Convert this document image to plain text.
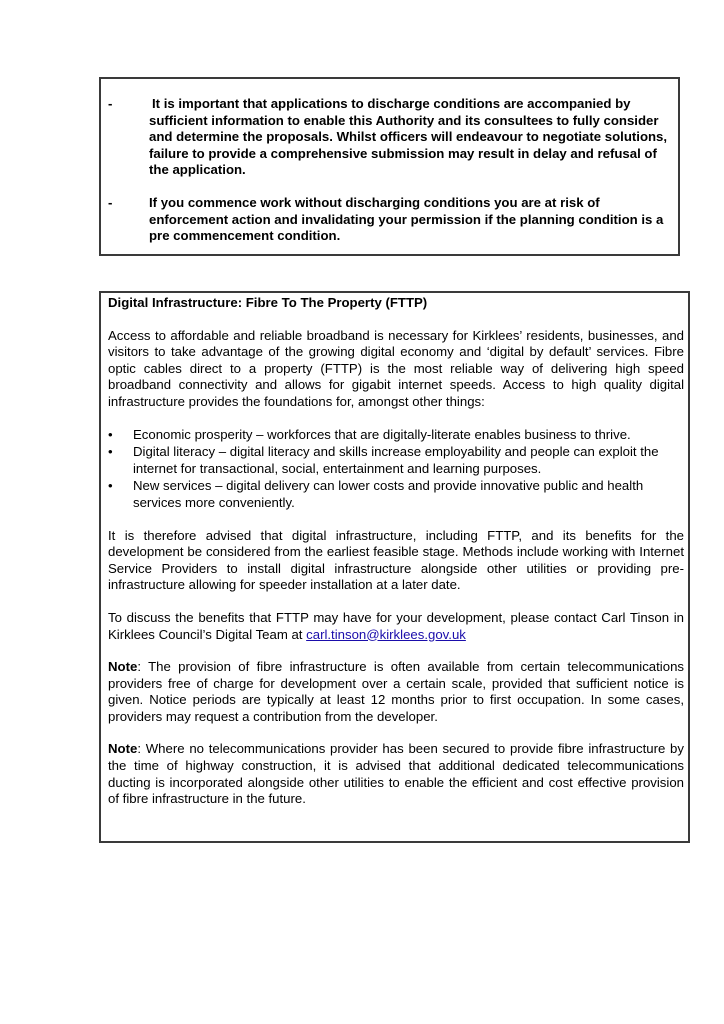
-	It is important that applications to discharge conditions are accompanied by sufficient information to enable this Authority and its consultees to fully consider and determine the proposals. Whilst officers will endeavour to negotiate solutions, failure to provide a comprehensive submission may result in delay and refusal of the application.
-	If you commence work without discharging conditions you are at risk of enforcement action and invalidating your permission if the planning condition is a pre commencement condition.
Digital Infrastructure: Fibre To The Property (FTTP)

Access to affordable and reliable broadband is necessary for Kirklees’ residents, businesses, and visitors to take advantage of the growing digital economy and ‘digital by default’ services. Fibre optic cables direct to a property (FTTP) is the most reliable way of delivering high speed broadband connectivity and allows for gigabit internet speeds. Access to high quality digital infrastructure provides the foundations for, amongst other things:

• Economic prosperity – workforces that are digitally-literate enables business to thrive.
• Digital literacy – digital literacy and skills increase employability and people can exploit the internet for transactional, social, entertainment and learning purposes.
• New services – digital delivery can lower costs and provide innovative public and health services more conveniently.

It is therefore advised that digital infrastructure, including FTTP, and its benefits for the development be considered from the earliest feasible stage. Methods include working with Internet Service Providers to install digital infrastructure alongside other utilities or providing pre-infrastructure allowing for speeder installation at a later date.

To discuss the benefits that FTTP may have for your development, please contact Carl Tinson in Kirklees Council’s Digital Team at carl.tinson@kirklees.gov.uk

Note: The provision of fibre infrastructure is often available from certain telecommunications providers free of charge for development over a certain scale, provided that sufficient notice is given. Notice periods are typically at least 12 months prior to first occupation. In some cases, providers may request a contribution from the developer.

Note: Where no telecommunications provider has been secured to provide fibre infrastructure by the time of highway construction, it is advised that additional dedicated telecommunications ducting is incorporated alongside other utilities to enable the efficient and cost effective provision of fibre infrastructure in the future.
